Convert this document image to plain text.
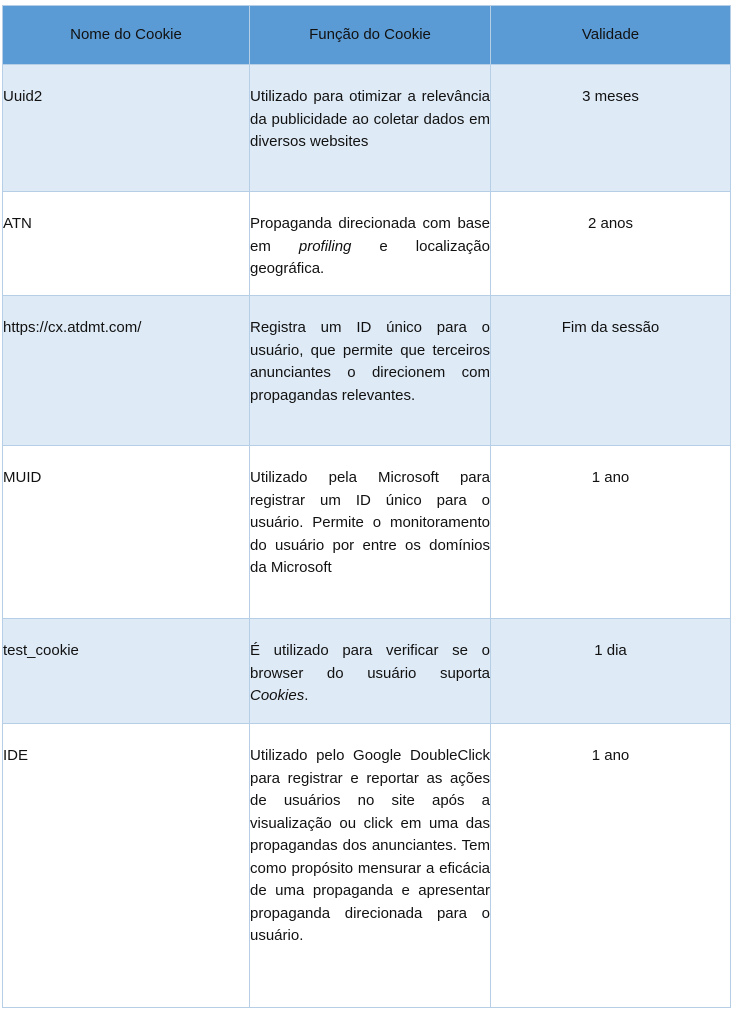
Nome do Cookie	Função do Cookie	Validade
Uuid2	Utilizado para otimizar a relevância da publicidade ao coletar dados em diversos websites	3 meses
ATN	Propaganda direcionada com base em profiling e localização geográfica.	2 anos
https://cx.atdmt.com/	Registra um ID único para o usuário, que permite que terceiros anunciantes o direcionem com propagandas relevantes.	Fim da sessão
MUID	Utilizado pela Microsoft para registrar um ID único para o usuário. Permite o monitoramento do usuário por entre os domínios da Microsoft	1 ano
test_cookie	É utilizado para verificar se o browser do usuário suporta Cookies.	1 dia
IDE	Utilizado pelo Google DoubleClick para registrar e reportar as ações de usuários no site após a visualização ou click em uma das propagandas dos anunciantes. Tem como propósito mensurar a eficácia de uma propaganda e apresentar propaganda direcionada para o usuário.	1 ano
